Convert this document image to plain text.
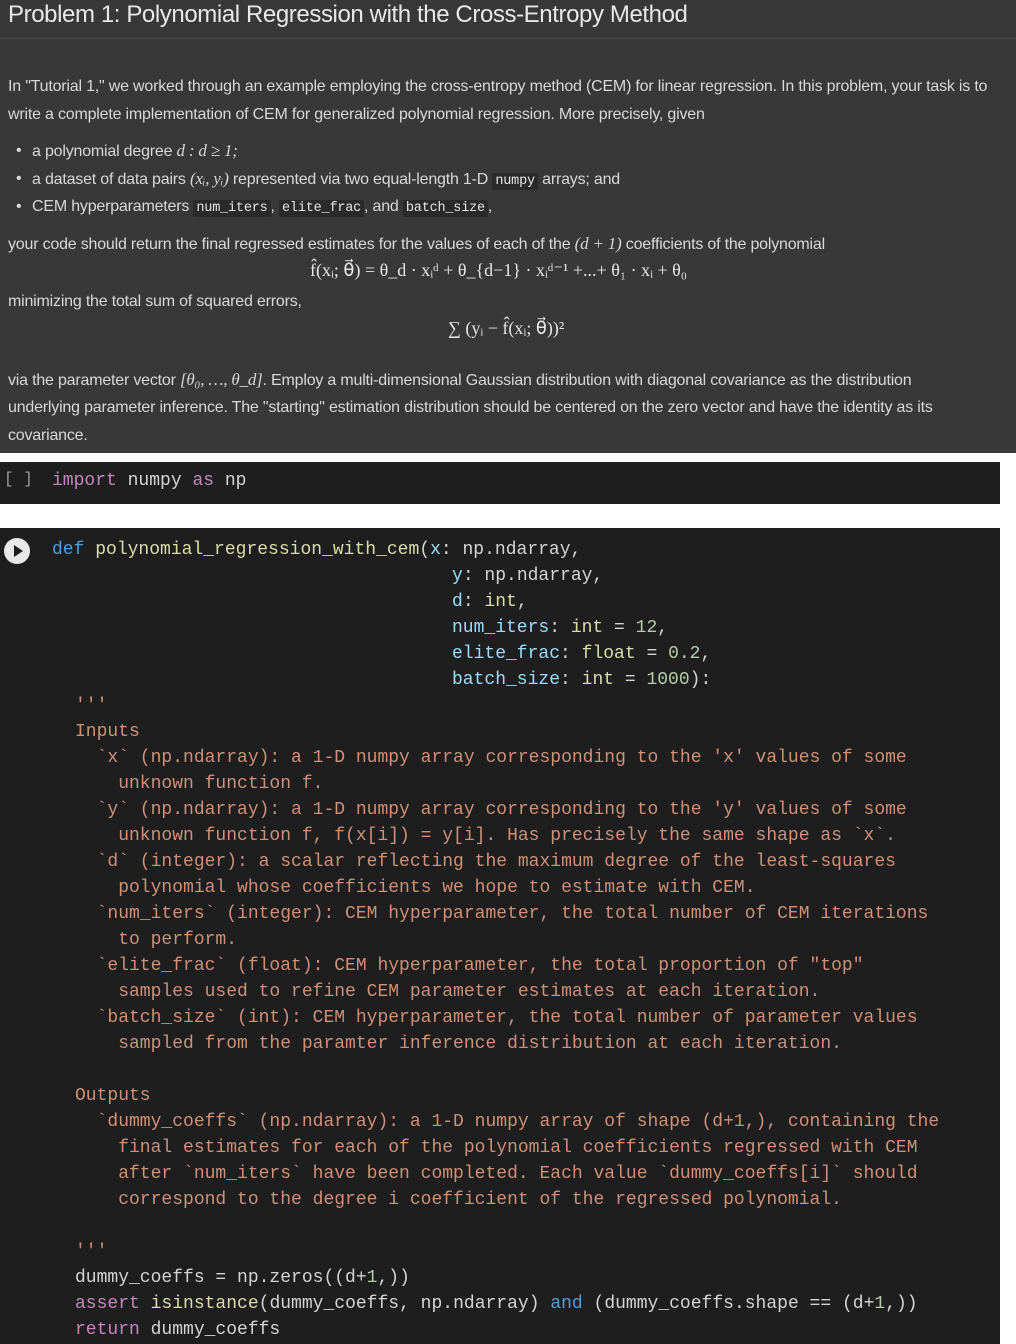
Problem 1: Polynomial Regression with the Cross-Entropy Method
In "Tutorial 1," we worked through an example employing the cross-entropy method (CEM) for linear regression. In this problem, your task is to
write a complete implementation of CEM for generalized polynomial regression. More precisely, given
• a polynomial degree d : d ≥ 1;
• a dataset of data pairs (xᵢ, yᵢ) represented via two equal-length 1-D numpy arrays; and
• CEM hyperparameters num_iters , elite_frac , and batch_size ,
your code should return the final regressed estimates for the values of each of the (d + 1) coefficients of the polynomial
f̂(xᵢ; θ⃗) = θ_d · xᵢᵈ + θ_{d−1} · xᵢᵈ⁻¹ +...+ θ₁ · xᵢ + θ₀
minimizing the total sum of squared errors,
∑ (yᵢ − f̂(xᵢ; θ⃗))²
via the parameter vector [θ₀, …, θ_d]. Employ a multi-dimensional Gaussian distribution with diagonal covariance as the distribution
underlying parameter inference. The "starting" estimation distribution should be centered on the zero vector and have the identity as its
covariance.
[ ] import numpy as np
def polynomial_regression_with_cem(x: np.ndarray,
y: np.ndarray,
d: int,
num_iters: int = 12,
elite_frac: float = 0.2,
batch_size: int = 1000):
'''
Inputs
`x` (np.ndarray): a 1-D numpy array corresponding to the 'x' values of some
unknown function f.
`y` (np.ndarray): a 1-D numpy array corresponding to the 'y' values of some
unknown function f, f(x[i]) = y[i]. Has precisely the same shape as `x`.
`d` (integer): a scalar reflecting the maximum degree of the least-squares
polynomial whose coefficients we hope to estimate with CEM.
`num_iters` (integer): CEM hyperparameter, the total number of CEM iterations
to perform.
`elite_frac` (float): CEM hyperparameter, the total proportion of "top"
samples used to refine CEM parameter estimates at each iteration.
`batch_size` (int): CEM hyperparameter, the total number of parameter values
sampled from the paramter inference distribution at each iteration.
Outputs
`dummy_coeffs` (np.ndarray): a 1-D numpy array of shape (d+1,), containing the
final estimates for each of the polynomial coefficients regressed with CEM
after `num_iters` have been completed. Each value `dummy_coeffs[i]` should
correspond to the degree i coefficient of the regressed polynomial.
'''
dummy_coeffs = np.zeros((d+1,))
assert isinstance(dummy_coeffs, np.ndarray) and (dummy_coeffs.shape == (d+1,))
return dummy_coeffs
